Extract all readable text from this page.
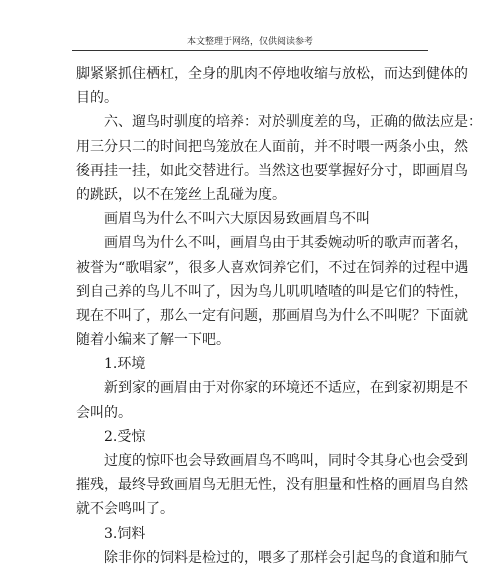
本文整理于网络，仅供阅读参考
脚紧紧抓住栖杠，全身的肌肉不停地收缩与放松，而达到健体的
目的。
六、遛鸟时驯度的培养：对於驯度差的鸟，正确的做法应是：
用三分只二的时间把鸟笼放在人面前，并不时喂一两条小虫，然
後再挂一挂，如此交替进行。当然这也要掌握好分寸，即画眉鸟
的跳跃，以不在笼丝上乱碰为度。
画眉鸟为什么不叫六大原因易致画眉鸟不叫
画眉鸟为什么不叫，画眉鸟由于其委婉动听的歌声而著名，
被誉为“歌唱家”，很多人喜欢饲养它们，不过在饲养的过程中遇
到自己养的鸟儿不叫了，因为鸟儿叽叽喳喳的叫是它们的特性，
现在不叫了，那么一定有问题，那画眉鸟为什么不叫呢？下面就
随着小编来了解一下吧。
1.环境
新到家的画眉由于对你家的环境还不适应，在到家初期是不
会叫的。
2.受惊
过度的惊吓也会导致画眉鸟不鸣叫，同时令其身心也会受到
摧残，最终导致画眉鸟无胆无性，没有胆量和性格的画眉鸟自然
就不会鸣叫了。
3.饲料
除非你的饲料是检过的，喂多了那样会引起鸟的食道和肺气
